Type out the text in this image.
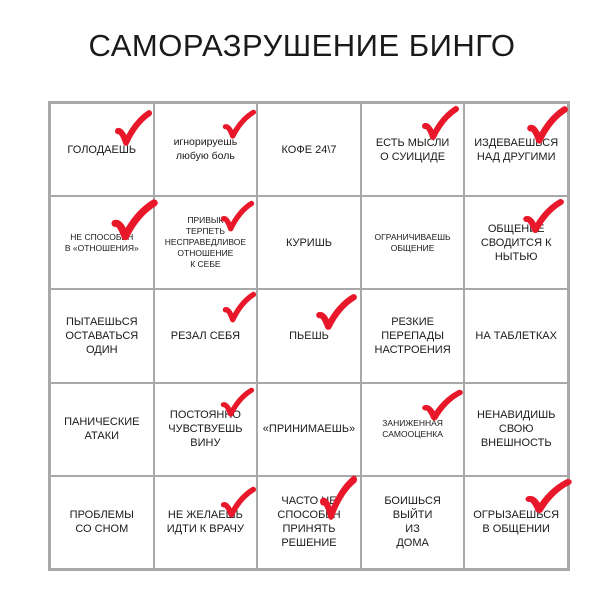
САМОРАЗРУШЕНИЕ БИНГО
ГОЛОДАЕШЬ
игнорируешь
любую боль
КОФЕ 24\7
ЕСТЬ МЫСЛИ
О СУИЦИДЕ
ИЗДЕВАЕШЬСЯ
НАД ДРУГИМИ
НЕ СПОСОБЕН
В «ОТНОШЕНИЯ»
ПРИВЫК
ТЕРПЕТЬ
НЕСПРАВЕДЛИВОЕ
ОТНОШЕНИЕ
К СЕБЕ
КУРИШЬ
ОГРАНИЧИВАЕШЬ
ОБЩЕНИЕ
ОБЩЕНИЕ
СВОДИТСЯ К
НЫТЬЮ
ПЫТАЕШЬСЯ
ОСТАВАТЬСЯ
ОДИН
РЕЗАЛ СЕБЯ	ПЬЕШЬ
РЕЗКИЕ
ПЕРЕПАДЫ
НАСТРОЕНИЯ
НА ТАБЛЕТКАХ
ПАНИЧЕСКИЕ
АТАКИ
ПОСТОЯННО
ЧУВСТВУЕШЬ
ВИНУ
«ПРИНИМАЕШЬ»
ЗАНИЖЕННАЯ
САМООЦЕНКА
НЕНАВИДИШЬ
СВОЮ
ВНЕШНОСТЬ
ПРОБЛЕМЫ
СО СНОМ
НЕ ЖЕЛАЕШЬ
ИДТИ К ВРАЧУ
ЧАСТО НЕ
СПОСОБЕН
ПРИНЯТЬ
РЕШЕНИЕ
БОИШЬСЯ
ВЫЙТИ
ИЗ
ДОМА
ОГРЫЗАЕШЬСЯ
В ОБЩЕНИИ
